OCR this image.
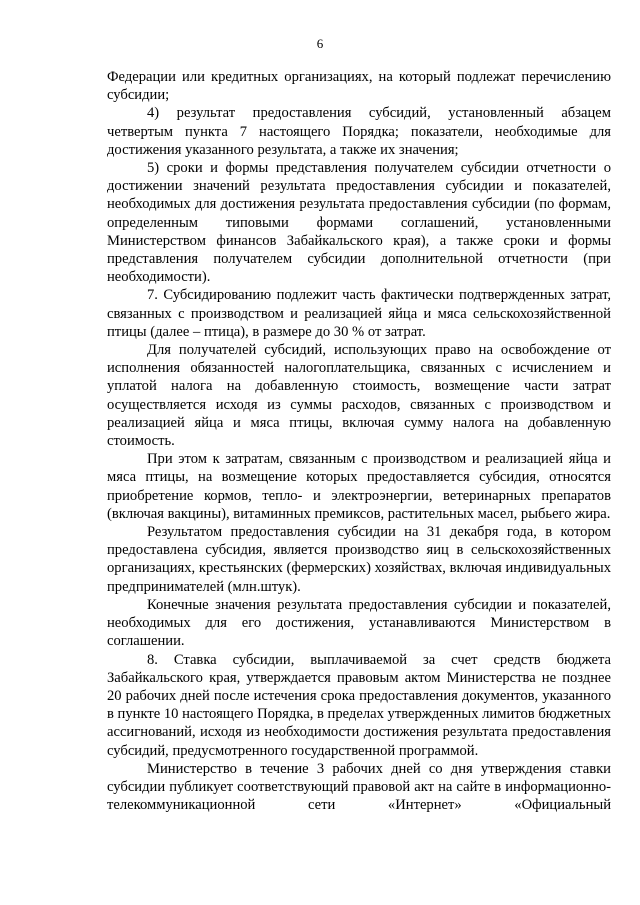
6

Федерации или кредитных организациях, на который подлежат перечислению субсидии;

4) результат предоставления субсидий, установленный абзацем четвертым пункта 7 настоящего Порядка; показатели, необходимые для достижения указанного результата, а также их значения;

5) сроки и формы представления получателем субсидии отчетности о достижении значений результата предоставления субсидии и показателей, необходимых для достижения результата предоставления субсидии (по формам, определенным типовыми формами соглашений, установленными Министерством финансов Забайкальского края), а также сроки и формы представления получателем субсидии дополнительной отчетности (при необходимости).

7. Субсидированию подлежит часть фактически подтвержденных затрат, связанных с производством и реализацией яйца и мяса сельскохозяйственной птицы (далее – птица), в размере до 30 % от затрат.

Для получателей субсидий, использующих право на освобождение от исполнения обязанностей налогоплательщика, связанных с исчислением и уплатой налога на добавленную стоимость, возмещение части затрат осуществляется исходя из суммы расходов, связанных с производством и реализацией яйца и мяса птицы, включая сумму налога на добавленную стоимость.

При этом к затратам, связанным с производством и реализацией яйца и мяса птицы, на возмещение которых предоставляется субсидия, относятся приобретение кормов, тепло- и электроэнергии, ветеринарных препаратов (включая вакцины), витаминных премиксов, растительных масел, рыбьего жира.

Результатом предоставления субсидии на 31 декабря года, в котором предоставлена субсидия, является производство яиц в сельскохозяйственных организациях, крестьянских (фермерских) хозяйствах, включая индивидуальных предпринимателей (млн.штук).

Конечные значения результата предоставления субсидии и показателей, необходимых для его достижения, устанавливаются Министерством в соглашении.

8. Ставка субсидии, выплачиваемой за счет средств бюджета Забайкальского края, утверждается правовым актом Министерства не позднее 20 рабочих дней после истечения срока предоставления документов, указанного в пункте 10 настоящего Порядка, в пределах утвержденных лимитов бюджетных ассигнований, исходя из необходимости достижения результата предоставления субсидий, предусмотренного государственной программой.

Министерство в течение 3 рабочих дней со дня утверждения ставки субсидии публикует соответствующий правовой акт на сайте в информационно-телекоммуникационной сети «Интернет» «Официальный
